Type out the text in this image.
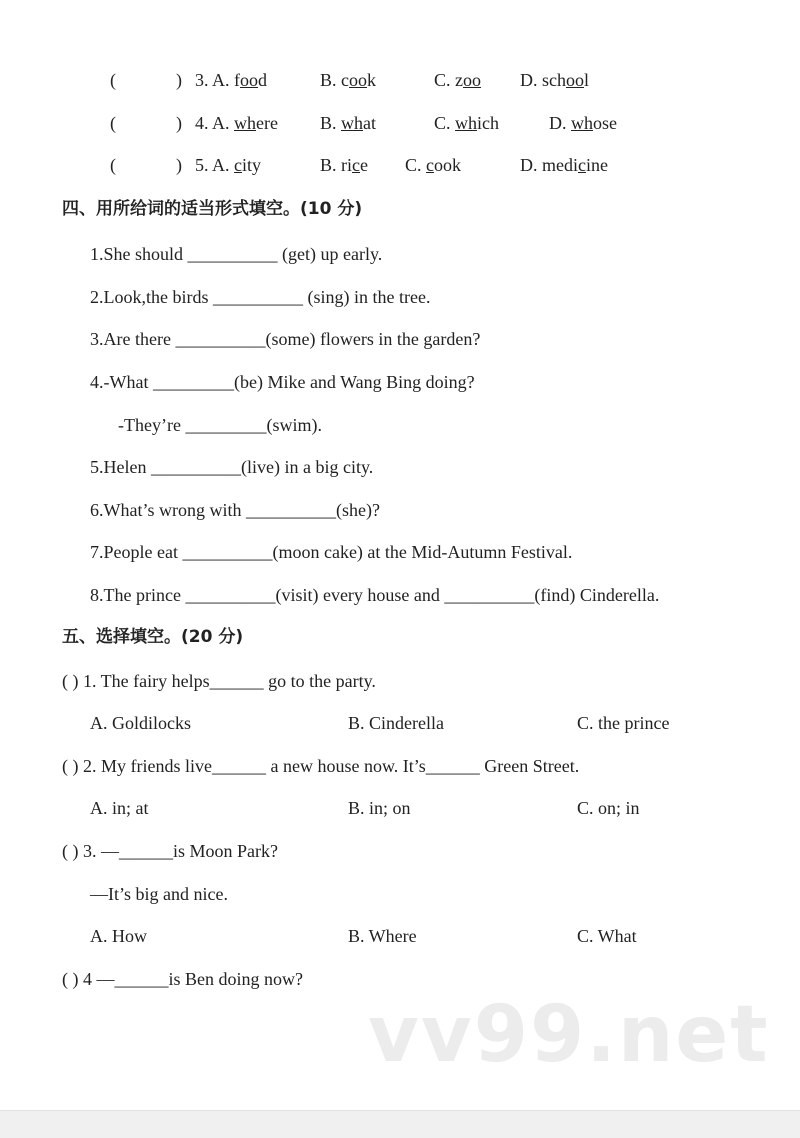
(	) 3. A. food	B. cook	C. zoo D. school
(	) 4. A. where B. what	C. which	D. whose
(	) 5. A. city	B. rice C. cook	D. medicine
四、用所给词的适当形式填空。(10 分)
1.She should __________ (get) up early.
2.Look,the birds __________ (sing) in the tree.
3.Are there __________(some) flowers in the garden?
4.-What _________(be) Mike and Wang Bing doing?
-They’re _________(swim).
5.Helen __________(live) in a big city.
6.What’s wrong with __________(she)?
7.People eat __________(moon cake) at the Mid-Autumn Festival.
8.The prince __________(visit) every house and __________(find) Cinderella.
五、选择填空。(20 分)
( ) 1. The fairy helps______ go to the party.
A. Goldilocks	B. Cinderella	C. the prince
( ) 2. My friends live______ a new house now. It’s______ Green Street.
A. in; at	B. in; on	C. on; in
( ) 3. —______is Moon Park?
—It’s big and nice.
A. How	B. Where	C. What
( ) 4 —______is Ben doing now?
vv99.net
